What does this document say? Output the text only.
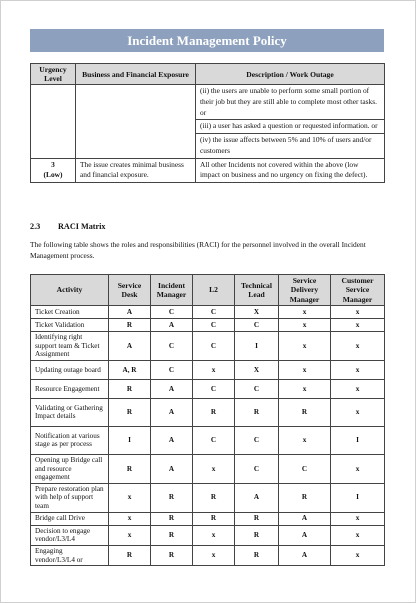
Incident Management Policy
Urgency Level	Business and Financial Exposure	Description / Work Outage

		(ii) the users are unable to perform some small portion of their job but they are still able to complete most other tasks. or
(iii) a user has asked a question or requested information. or
(iv) the issue affects between 5% and 10% of users and/or customers

3
(Low)	The issue creates minimal business and financial exposure.	All other Incidents not covered within the above (low impact on business and no urgency on fixing the defect).
2.3 RACI Matrix
The following table shows the roles and responsibilities (RACI) for the personnel involved in the overall Incident Management process.
Activity	Service Desk	Incident Manager	L2	Technical Lead	Service Delivery Manager	Customer Service Manager
Ticket Creation	A	C	C	X	x	x
Ticket Validation	R	A	C	C	x	x
Identifying right support team & Ticket Assignment	A	C	C	I	x	x
Updating outage board	A, R	C	x	X	x	x
Resource Engagement	R	A	C	C	x	x
Validating or Gathering Impact details	R	A	R	R	R	x
Notification at various stage as per process	I	A	C	C	x	I
Opening up Bridge call and resource engagement	R	A	x	C	C	x
Prepare restoration plan with help of support team	x	R	R	A	R	I
Bridge call Drive	x	R	R	R	A	x
Decision to engage vendor/L3/L4	x	R	x	R	A	x
Engaging vendor/L3/L4 or	R	R	x	R	A	x
